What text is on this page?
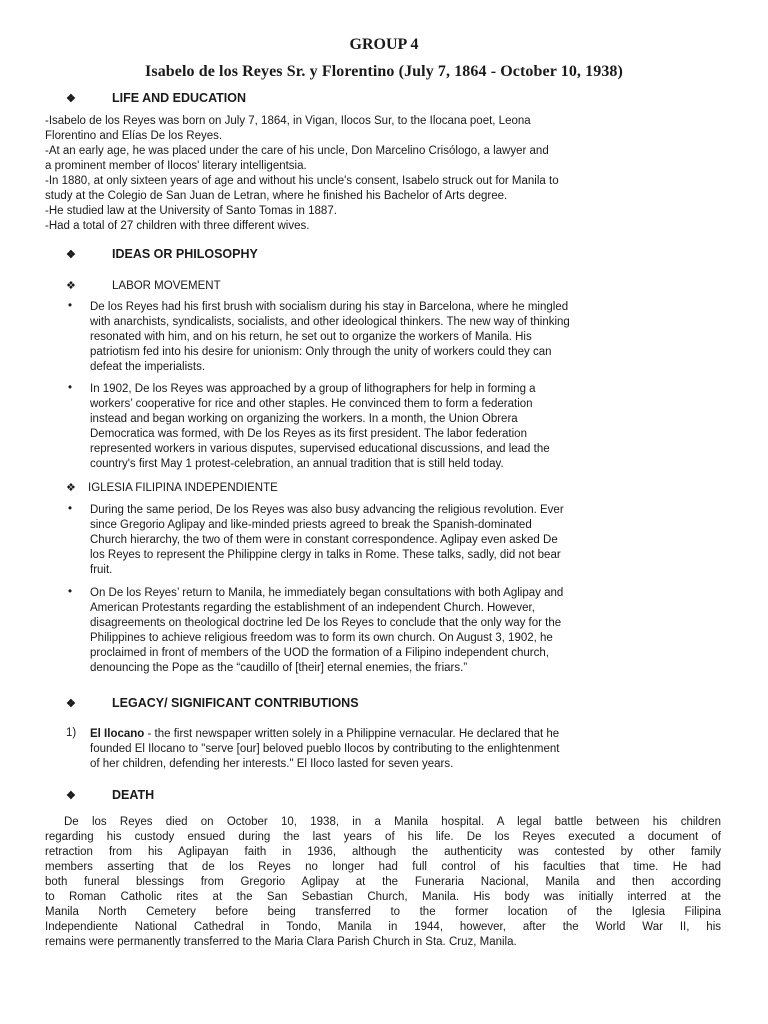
GROUP 4
Isabelo de los Reyes Sr. y Florentino (July 7, 1864 - October 10, 1938)
❖	LIFE AND EDUCATION
-Isabelo de los Reyes was born on July 7, 1864, in Vigan, Ilocos Sur, to the Ilocana poet, Leona
Florentino and Elías De los Reyes.
-At an early age, he was placed under the care of his uncle, Don Marcelino Crisólogo, a lawyer and
a prominent member of Ilocos' literary intelligentsia.
-In 1880, at only sixteen years of age and without his uncle's consent, Isabelo struck out for Manila to
study at the Colegio de San Juan de Letran, where he finished his Bachelor of Arts degree.
-He studied law at the University of Santo Tomas in 1887.
-Had a total of 27 children with three different wives.
❖	IDEAS OR PHILOSOPHY
❖	LABOR MOVEMENT
• De los Reyes had his first brush with socialism during his stay in Barcelona, where he mingled
with anarchists, syndicalists, socialists, and other ideological thinkers. The new way of thinking
resonated with him, and on his return, he set out to organize the workers of Manila. His
patriotism fed into his desire for unionism: Only through the unity of workers could they can
defeat the imperialists.
• In 1902, De los Reyes was approached by a group of lithographers for help in forming a
workers’ cooperative for rice and other staples. He convinced them to form a federation
instead and began working on organizing the workers. In a month, the Union Obrera
Democratica was formed, with De los Reyes as its first president. The labor federation
represented workers in various disputes, supervised educational discussions, and lead the
country's first May 1 protest-celebration, an annual tradition that is still held today.
❖ IGLESIA FILIPINA INDEPENDIENTE
• During the same period, De los Reyes was also busy advancing the religious revolution. Ever
since Gregorio Aglipay and like-minded priests agreed to break the Spanish-dominated
Church hierarchy, the two of them were in constant correspondence. Aglipay even asked De
los Reyes to represent the Philippine clergy in talks in Rome. These talks, sadly, did not bear
fruit.
• On De los Reyes’ return to Manila, he immediately began consultations with both Aglipay and
American Protestants regarding the establishment of an independent Church. However,
disagreements on theological doctrine led De los Reyes to conclude that the only way for the
Philippines to achieve religious freedom was to form its own church. On August 3, 1902, he
proclaimed in front of members of the UOD the formation of a Filipino independent church,
denouncing the Pope as the “caudillo of [their] eternal enemies, the friars.”
❖	LEGACY/ SIGNIFICANT CONTRIBUTIONS
1) El Ilocano - the first newspaper written solely in a Philippine vernacular. He declared that he
founded El Ilocano to "serve [our] beloved pueblo Ilocos by contributing to the enlightenment
of her children, defending her interests." El Iloco lasted for seven years.
❖	DEATH
De los Reyes died on October 10, 1938, in a Manila hospital. A legal battle between his children
regarding his custody ensued during the last years of his life. De los Reyes executed a document of
retraction from his Aglipayan faith in 1936, although the authenticity was contested by other family
members asserting that de los Reyes no longer had full control of his faculties that time. He had
both funeral blessings from Gregorio Aglipay at the Funeraria Nacional, Manila and then according
to Roman Catholic rites at the San Sebastian Church, Manila. His body was initially interred at the
Manila North Cemetery before being transferred to the former location of the Iglesia Filipina
Independiente National Cathedral in Tondo, Manila in 1944, however, after the World War II, his
remains were permanently transferred to the Maria Clara Parish Church in Sta. Cruz, Manila.
